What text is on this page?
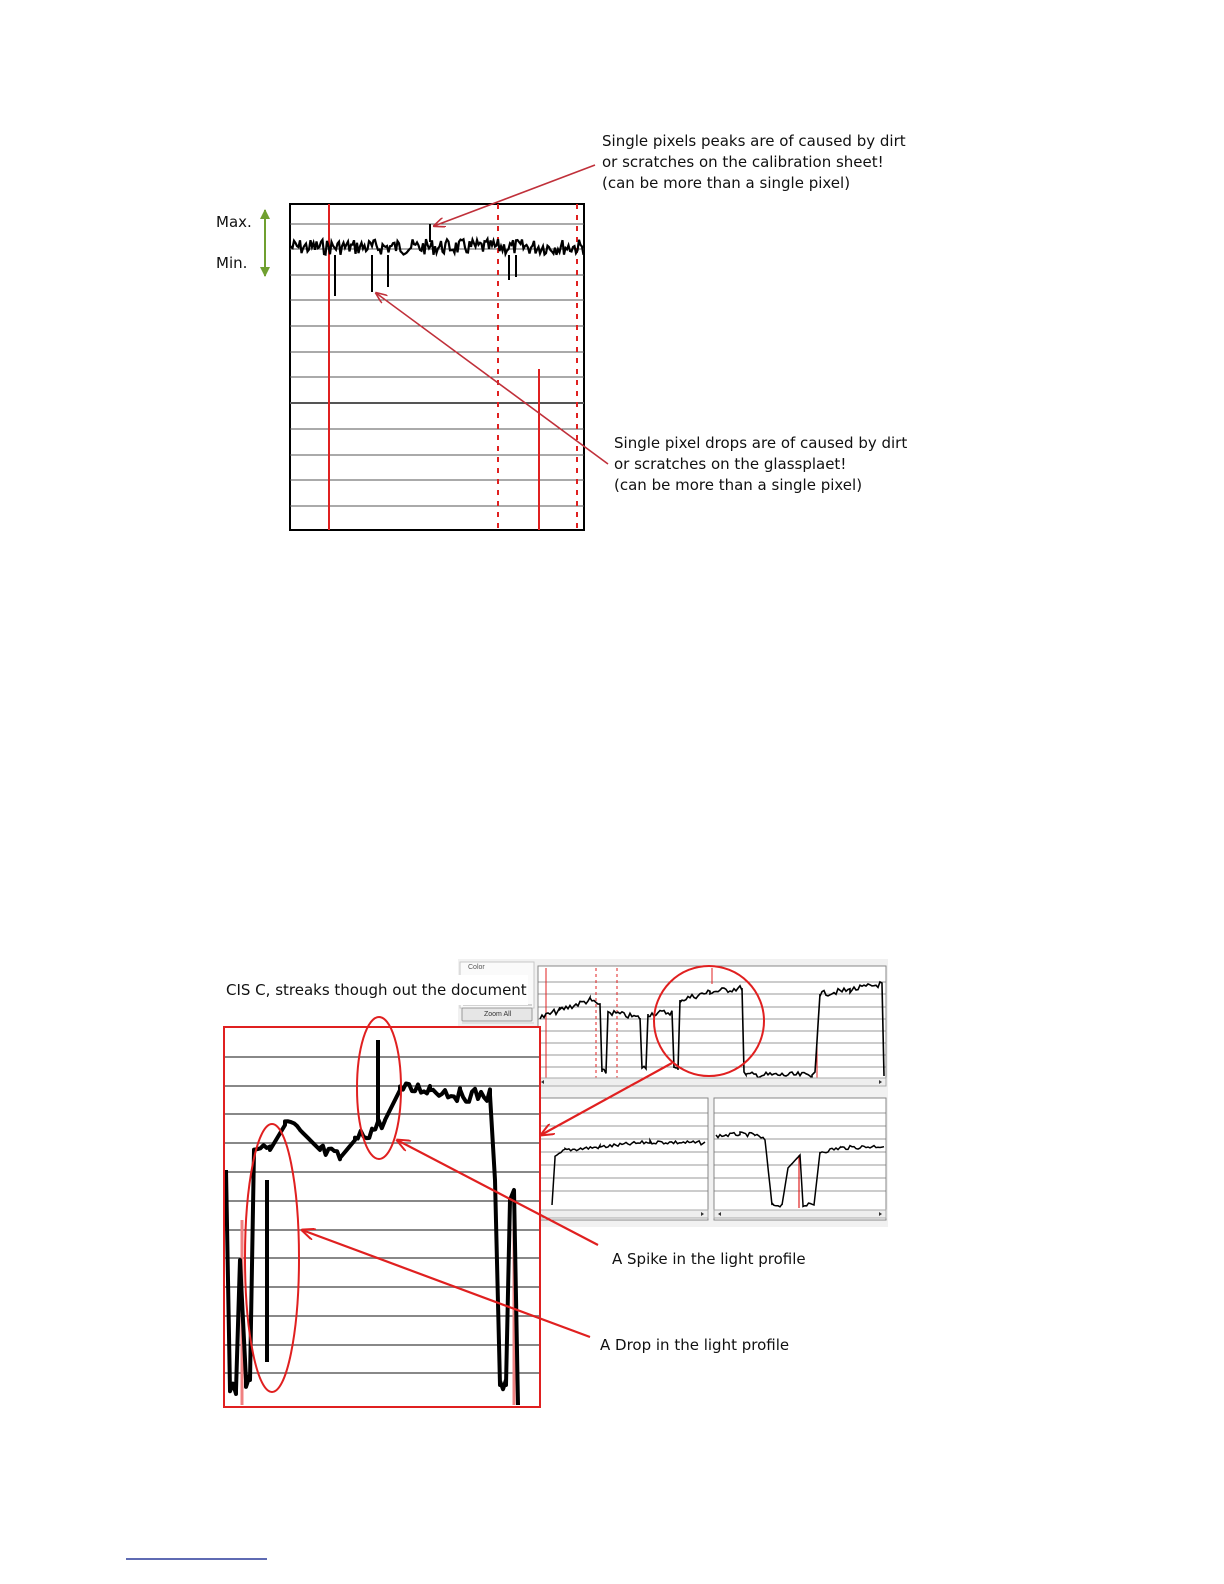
Max.
Min.
Single pixels peaks are of caused by dirt
or scratches on the calibration sheet!
(can be more than a single pixel)
Single pixel drops are of caused by dirt
or scratches on the glassplaet!
(can be more than a single pixel)
Color
Zoom All
CIS C, streaks though out the document
A Spike in the light profile
A Drop in the light profile
